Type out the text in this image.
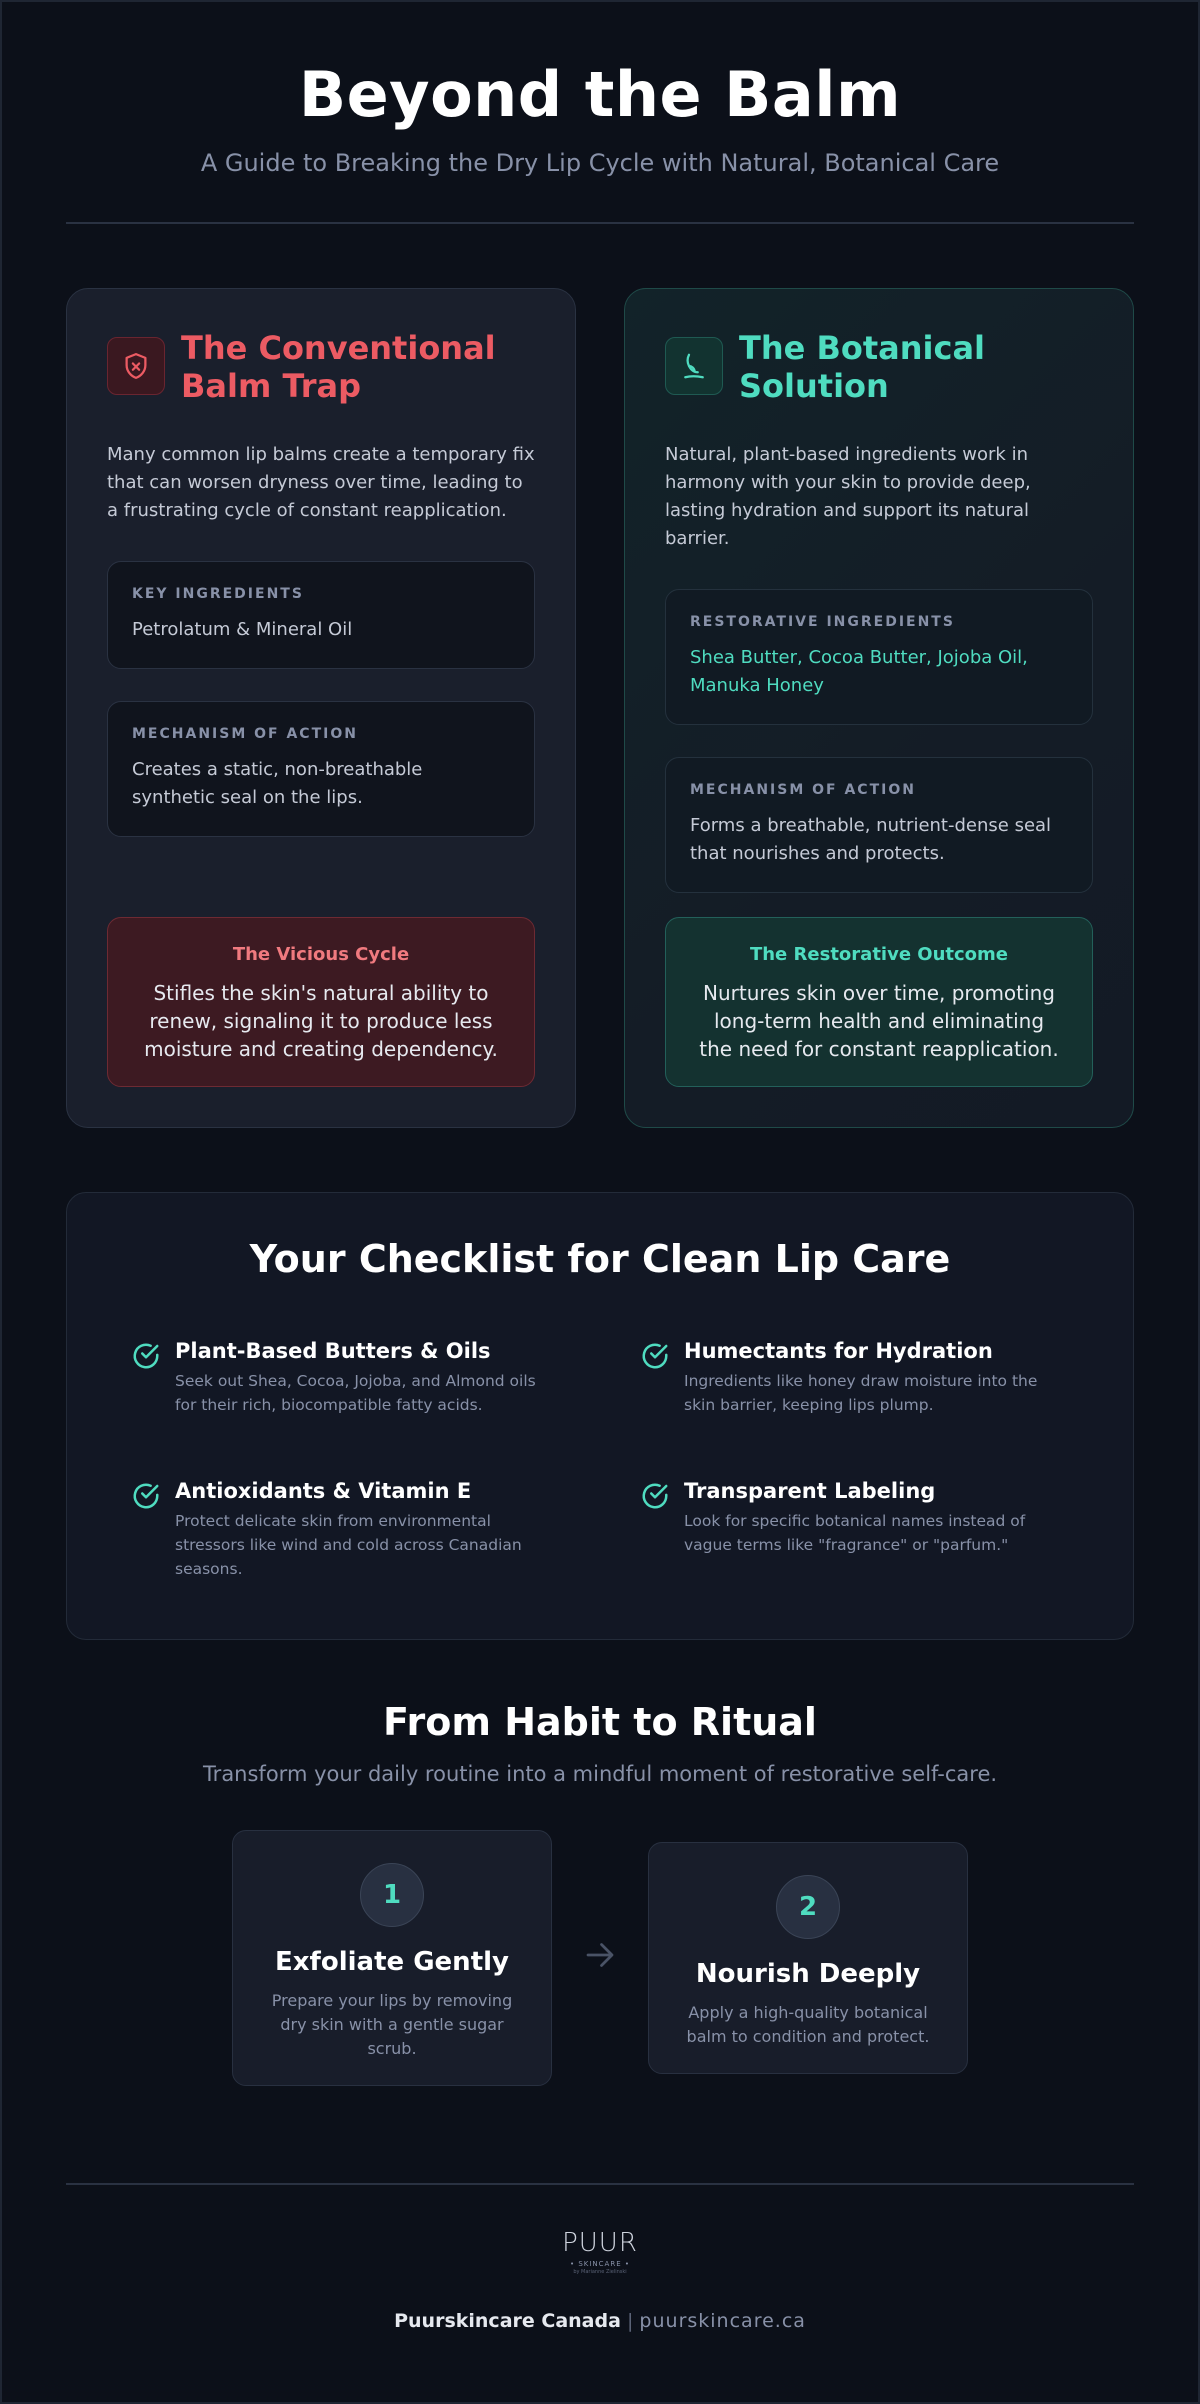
Beyond the Balm
A Guide to Breaking the Dry Lip Cycle with Natural, Botanical Care
The Conventional Balm Trap
Many common lip balms create a temporary fix that can worsen dryness over time, leading to a frustrating cycle of constant reapplication.
KEY INGREDIENTS
Petrolatum & Mineral Oil
MECHANISM OF ACTION
Creates a static, non-breathable synthetic seal on the lips.
The Vicious Cycle
Stifles the skin's natural ability to renew, signaling it to produce less moisture and creating dependency.
The Botanical Solution
Natural, plant-based ingredients work in harmony with your skin to provide deep, lasting hydration and support its natural barrier.
RESTORATIVE INGREDIENTS
Shea Butter, Cocoa Butter, Jojoba Oil, Manuka Honey
MECHANISM OF ACTION
Forms a breathable, nutrient-dense seal that nourishes and protects.
The Restorative Outcome
Nurtures skin over time, promoting long-term health and eliminating the need for constant reapplication.
Your Checklist for Clean Lip Care
Plant-Based Butters & Oils
Seek out Shea, Cocoa, Jojoba, and Almond oils for their rich, biocompatible fatty acids.
Humectants for Hydration
Ingredients like honey draw moisture into the skin barrier, keeping lips plump.
Antioxidants & Vitamin E
Protect delicate skin from environmental stressors like wind and cold across Canadian seasons.
Transparent Labeling
Look for specific botanical names instead of vague terms like "fragrance" or "parfum."
From Habit to Ritual
Transform your daily routine into a mindful moment of restorative self-care.
1
Exfoliate Gently
Prepare your lips by removing dry skin with a gentle sugar scrub.
2
Nourish Deeply
Apply a high-quality botanical balm to condition and protect.
PUUR
• SKINCARE •
by Marianne Zielinski
Puurskincare Canada | puurskincare.ca
